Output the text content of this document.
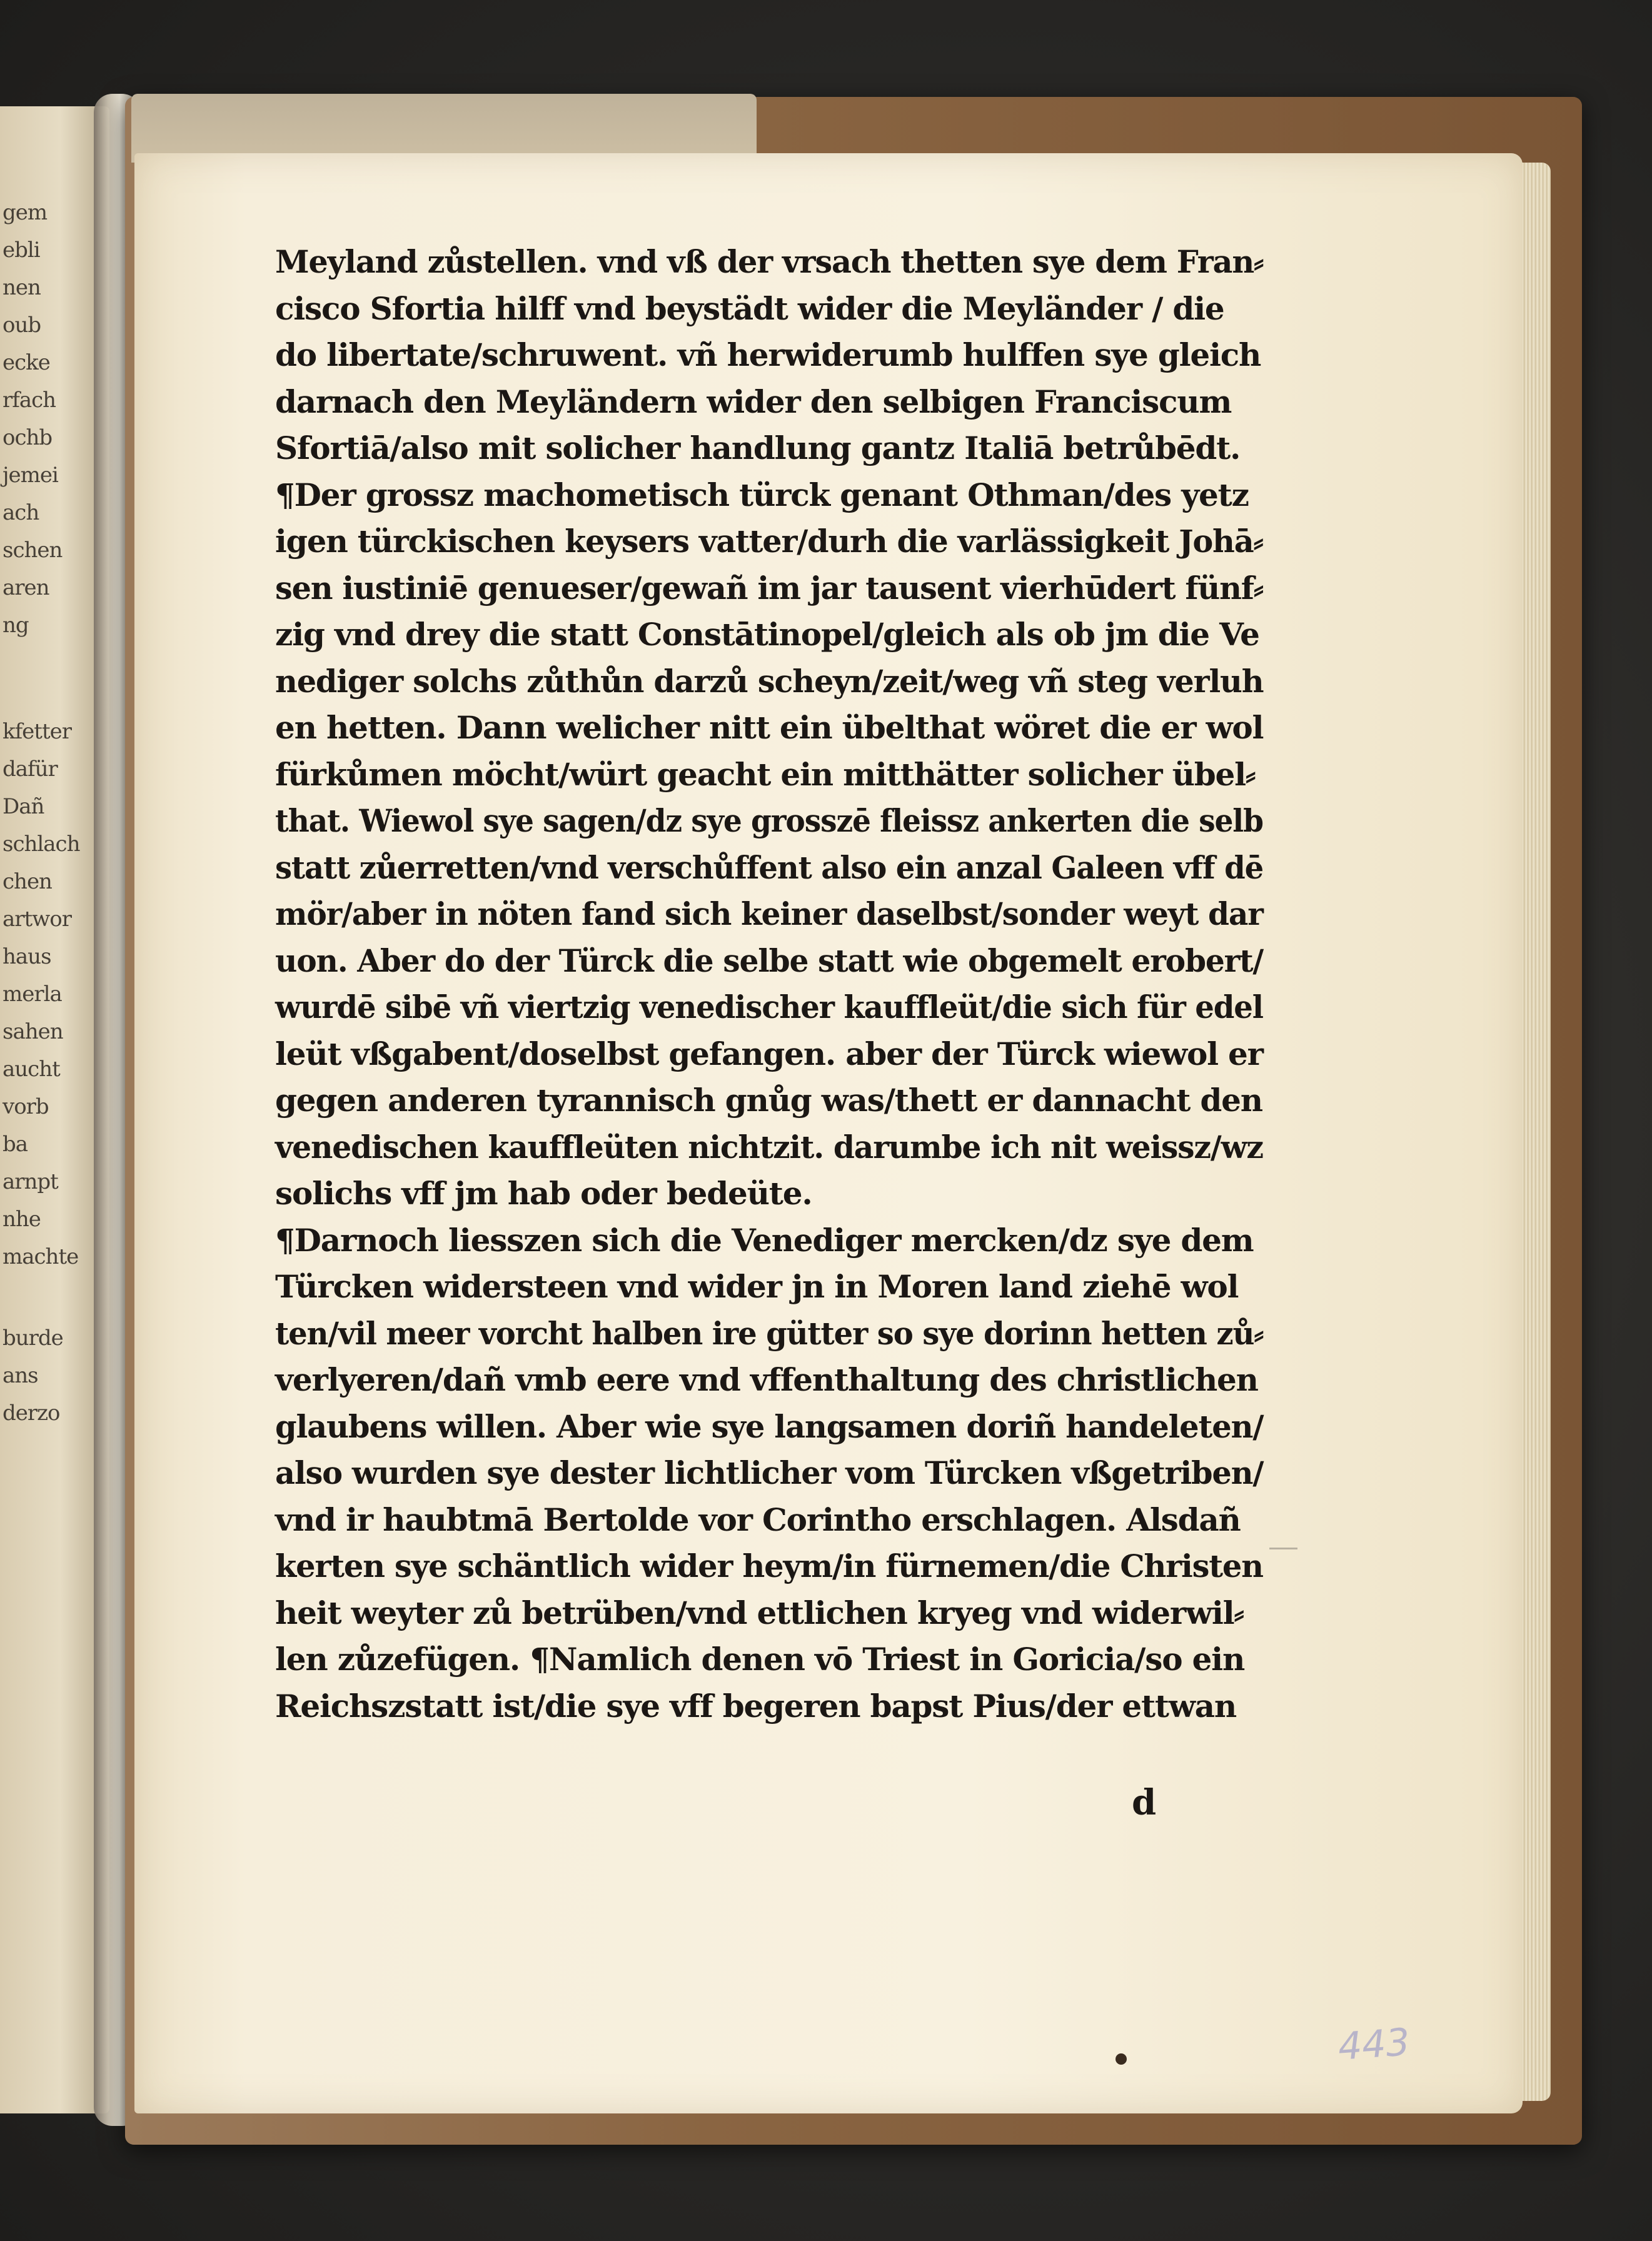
gem
ebli
nen
oub
ecke
rfach
ochb
jemei
ach
schen
aren
ng
kfetter
dafür
Dañ
schlach
chen
artwor
haus
merla
sahen
aucht
vorb
ba
arnpt
nhe
machte
burde
ans
derzo
Meyland zůstellen. vnd vß der vrsach thetten sye dem Fran⸗
cisco Sfortia hilff vnd beystädt wider die Meyländer / die
do libertate/schruwent. vñ herwiderumb hulffen sye gleich
darnach den Meyländern wider den selbigen Franciscum
Sfortiā/also mit solicher handlung gantz Italiā betrůbēdt.
¶Der grossz machometisch türck genant Othman/des yetz
igen türckischen keysers vatter/durh die varlässigkeit Johā⸗
sen iustiniē genueser/gewañ im jar tausent vierhūdert fünf⸗
zig vnd drey die statt Constātinopel/gleich als ob jm die Ve
nediger solchs zůthůn darzů scheyn/zeit/weg vñ steg verluh
en hetten. Dann welicher nitt ein übelthat wöret die er wol
fürkůmen möcht/würt geacht ein mitthätter solicher übel⸗
that. Wiewol sye sagen/dz sye grosszē fleissz ankerten die selb
statt zůerretten/vnd verschůffent also ein anzal Galeen vff dē
mör/aber in nöten fand sich keiner daselbst/sonder weyt dar
uon. Aber do der Türck die selbe statt wie obgemelt erobert/
wurdē sibē vñ viertzig venedischer kauffleüt/die sich für edel
leüt vßgabent/doselbst gefangen. aber der Türck wiewol er
gegen anderen tyrannisch gnůg was/thett er dannacht den
venedischen kauffleüten nichtzit. darumbe ich nit weissz/wz
solichs vff jm hab oder bedeüte.
¶Darnoch liesszen sich die Venediger mercken/dz sye dem
Türcken widersteen vnd wider jn in Moren land ziehē wol
ten/vil meer vorcht halben ire gütter so sye dorinn hetten zů⸗
verlyeren/dañ vmb eere vnd vffenthaltung des christlichen
glaubens willen. Aber wie sye langsamen doriñ handeleten/
also wurden sye dester lichtlicher vom Türcken vßgetriben/
vnd ir haubtmā Bertolde vor Corintho erschlagen. Alsdañ
kerten sye schäntlich wider heym/in fürnemen/die Christen
heit weyter zů betrüben/vnd ettlichen kryeg vnd widerwil⸗
len zůzefügen. ¶Namlich denen vō Triest in Goricia/so ein
Reichszstatt ist/die sye vff begeren bapst Pius/der ettwan
d
443
